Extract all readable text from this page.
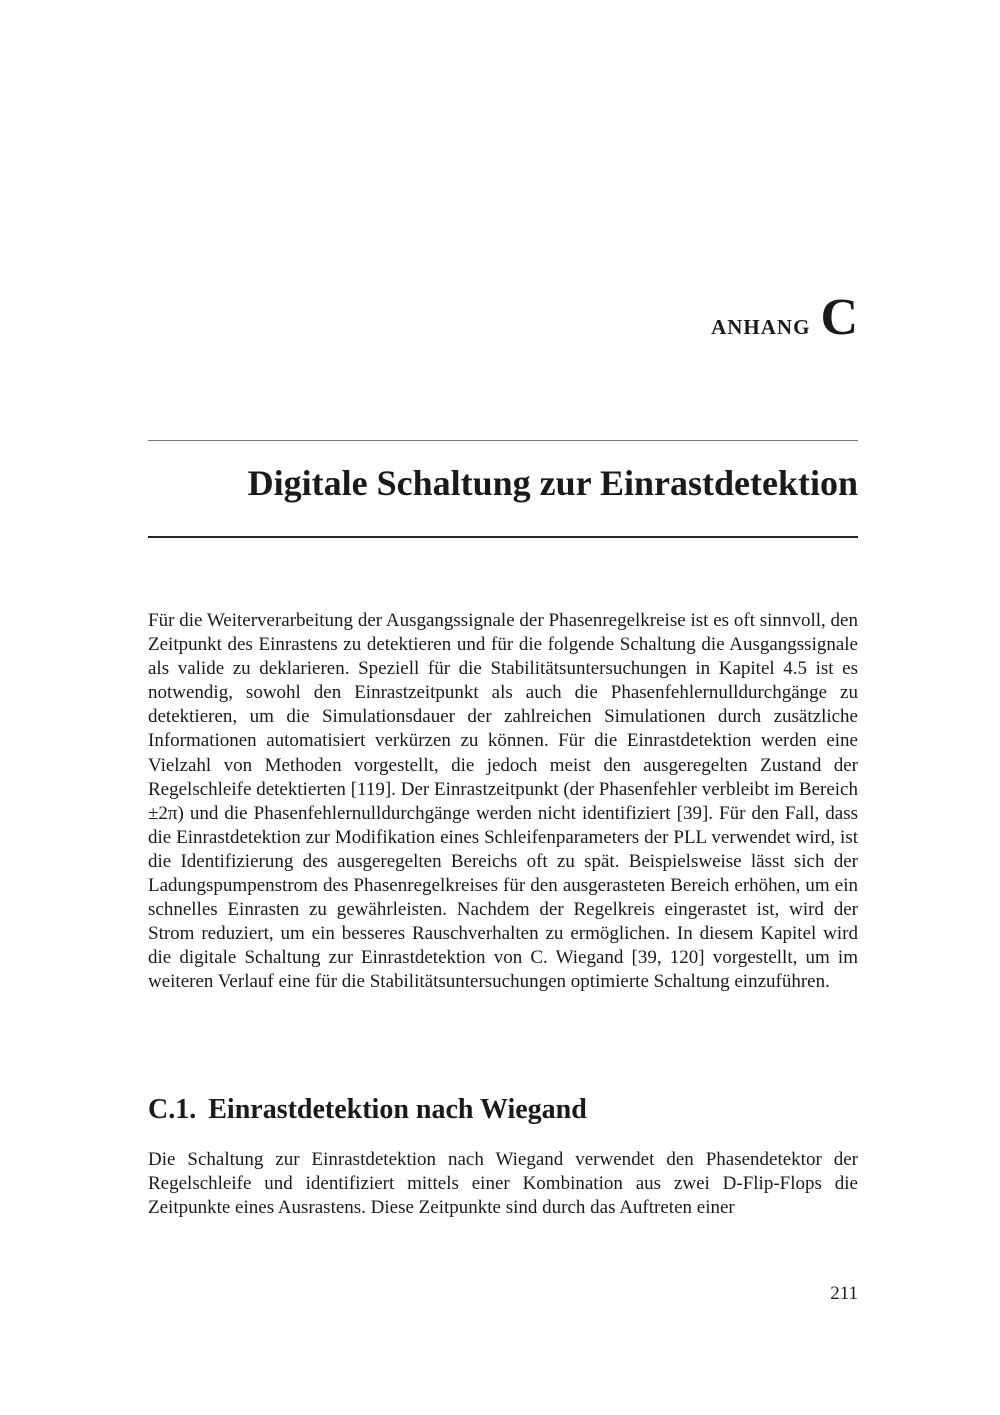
anhang C
Digitale Schaltung zur Einrastdetektion

Für die Weiterverarbeitung der Ausgangssignale der Phasenregelkreise ist es oft sinnvoll, den Zeitpunkt des Einrastens zu detektieren und für die folgende Schaltung die Ausgangssignale als valide zu deklarieren. Speziell für die Stabilitätsuntersuchungen in Kapitel 4.5 ist es notwendig, sowohl den Einrastzeitpunkt als auch die Phasenfehlernulldurchgänge zu detektieren, um die Simulationsdauer der zahlreichen Simulationen durch zusätzliche Informationen automatisiert verkürzen zu können. Für die Einrastdetektion werden eine Vielzahl von Methoden vorgestellt, die jedoch meist den ausgeregelten Zustand der Regelschleife detektierten [119]. Der Einrastzeitpunkt (der Phasenfehler verbleibt im Bereich ±2π) und die Phasenfehlernulldurchgänge werden nicht identifiziert [39]. Für den Fall, dass die Einrastdetektion zur Modifikation eines Schleifenparameters der PLL verwendet wird, ist die Identifizierung des ausgeregelten Bereichs oft zu spät. Beispielsweise lässt sich der Ladungspumpenstrom des Phasenregelkreises für den ausgerasteten Bereich erhöhen, um ein schnelles Einrasten zu gewährleisten. Nachdem der Regelkreis eingerastet ist, wird der Strom reduziert, um ein besseres Rauschverhalten zu ermöglichen. In diesem Kapitel wird die digitale Schaltung zur Einrastdetektion von C. Wiegand [39, 120] vorgestellt, um im weiteren Verlauf eine für die Stabilitätsuntersuchungen optimierte Schaltung einzuführen.

C.1. Einrastdetektion nach Wiegand

Die Schaltung zur Einrastdetektion nach Wiegand verwendet den Phasendetektor der Regelschleife und identifiziert mittels einer Kombination aus zwei D-Flip-Flops die Zeitpunkte eines Ausrastens. Diese Zeitpunkte sind durch das Auftreten einer

211
